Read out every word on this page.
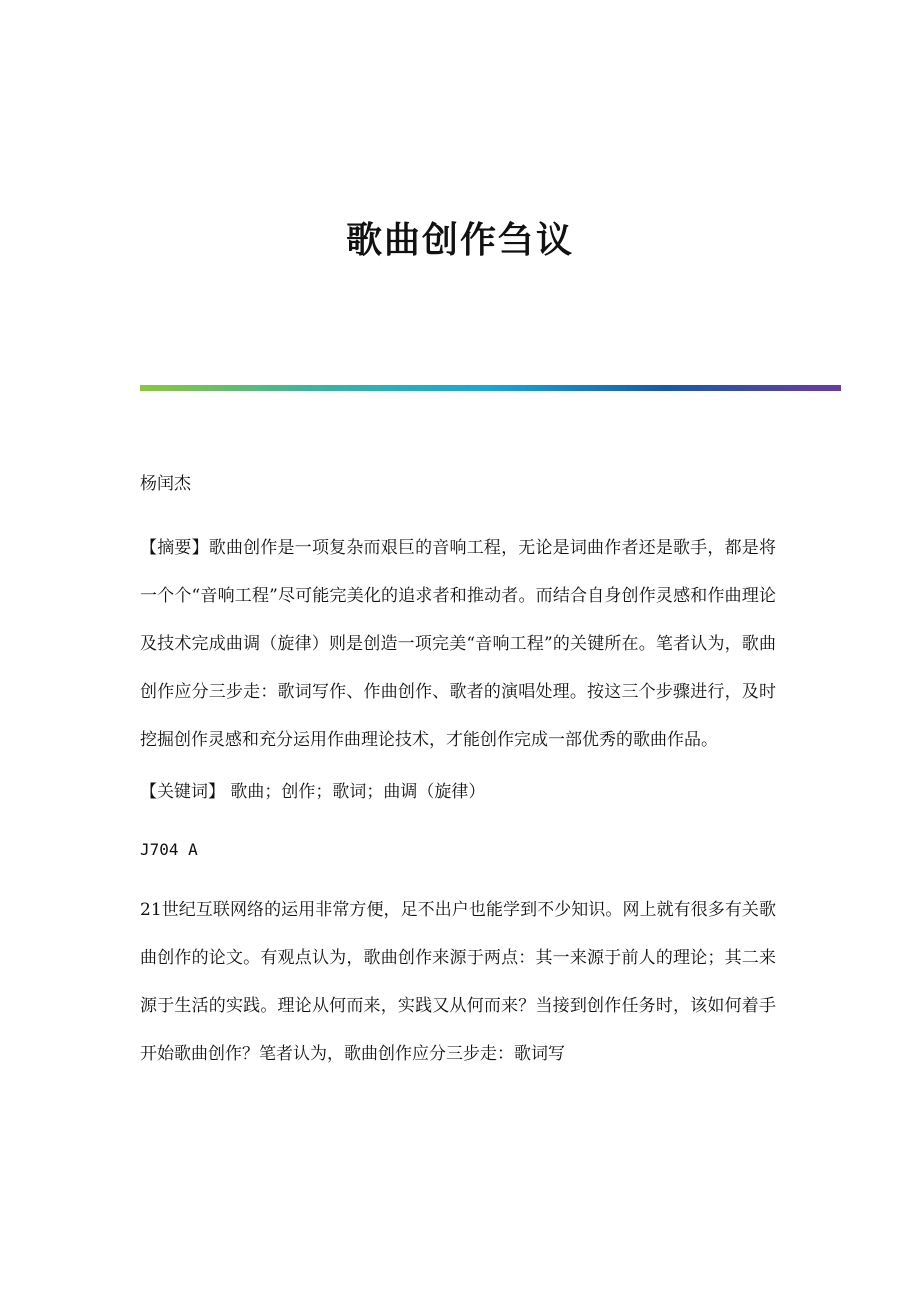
歌曲创作刍议

杨闰杰

【摘要】歌曲创作是一项复杂而艰巨的音响工程，无论是词曲作者还是歌手，都是将一个个“音响工程”尽可能完美化的追求者和推动者。而结合自身创作灵感和作曲理论及技术完成曲调（旋律）则是创造一项完美“音响工程”的关键所在。笔者认为，歌曲创作应分三步走：歌词写作、作曲创作、歌者的演唱处理。按这三个步骤进行，及时挖掘创作灵感和充分运用作曲理论技术，才能创作完成一部优秀的歌曲作品。

【关键词】 歌曲；创作；歌词；曲调（旋律）

J704 A

21世纪互联网络的运用非常方便，足不出户也能学到不少知识。网上就有很多有关歌曲创作的论文。有观点认为，歌曲创作来源于两点：其一来源于前人的理论；其二来源于生活的实践。理论从何而来，实践又从何而来？当接到创作任务时，该如何着手开始歌曲创作？笔者认为，歌曲创作应分三步走：歌词写
